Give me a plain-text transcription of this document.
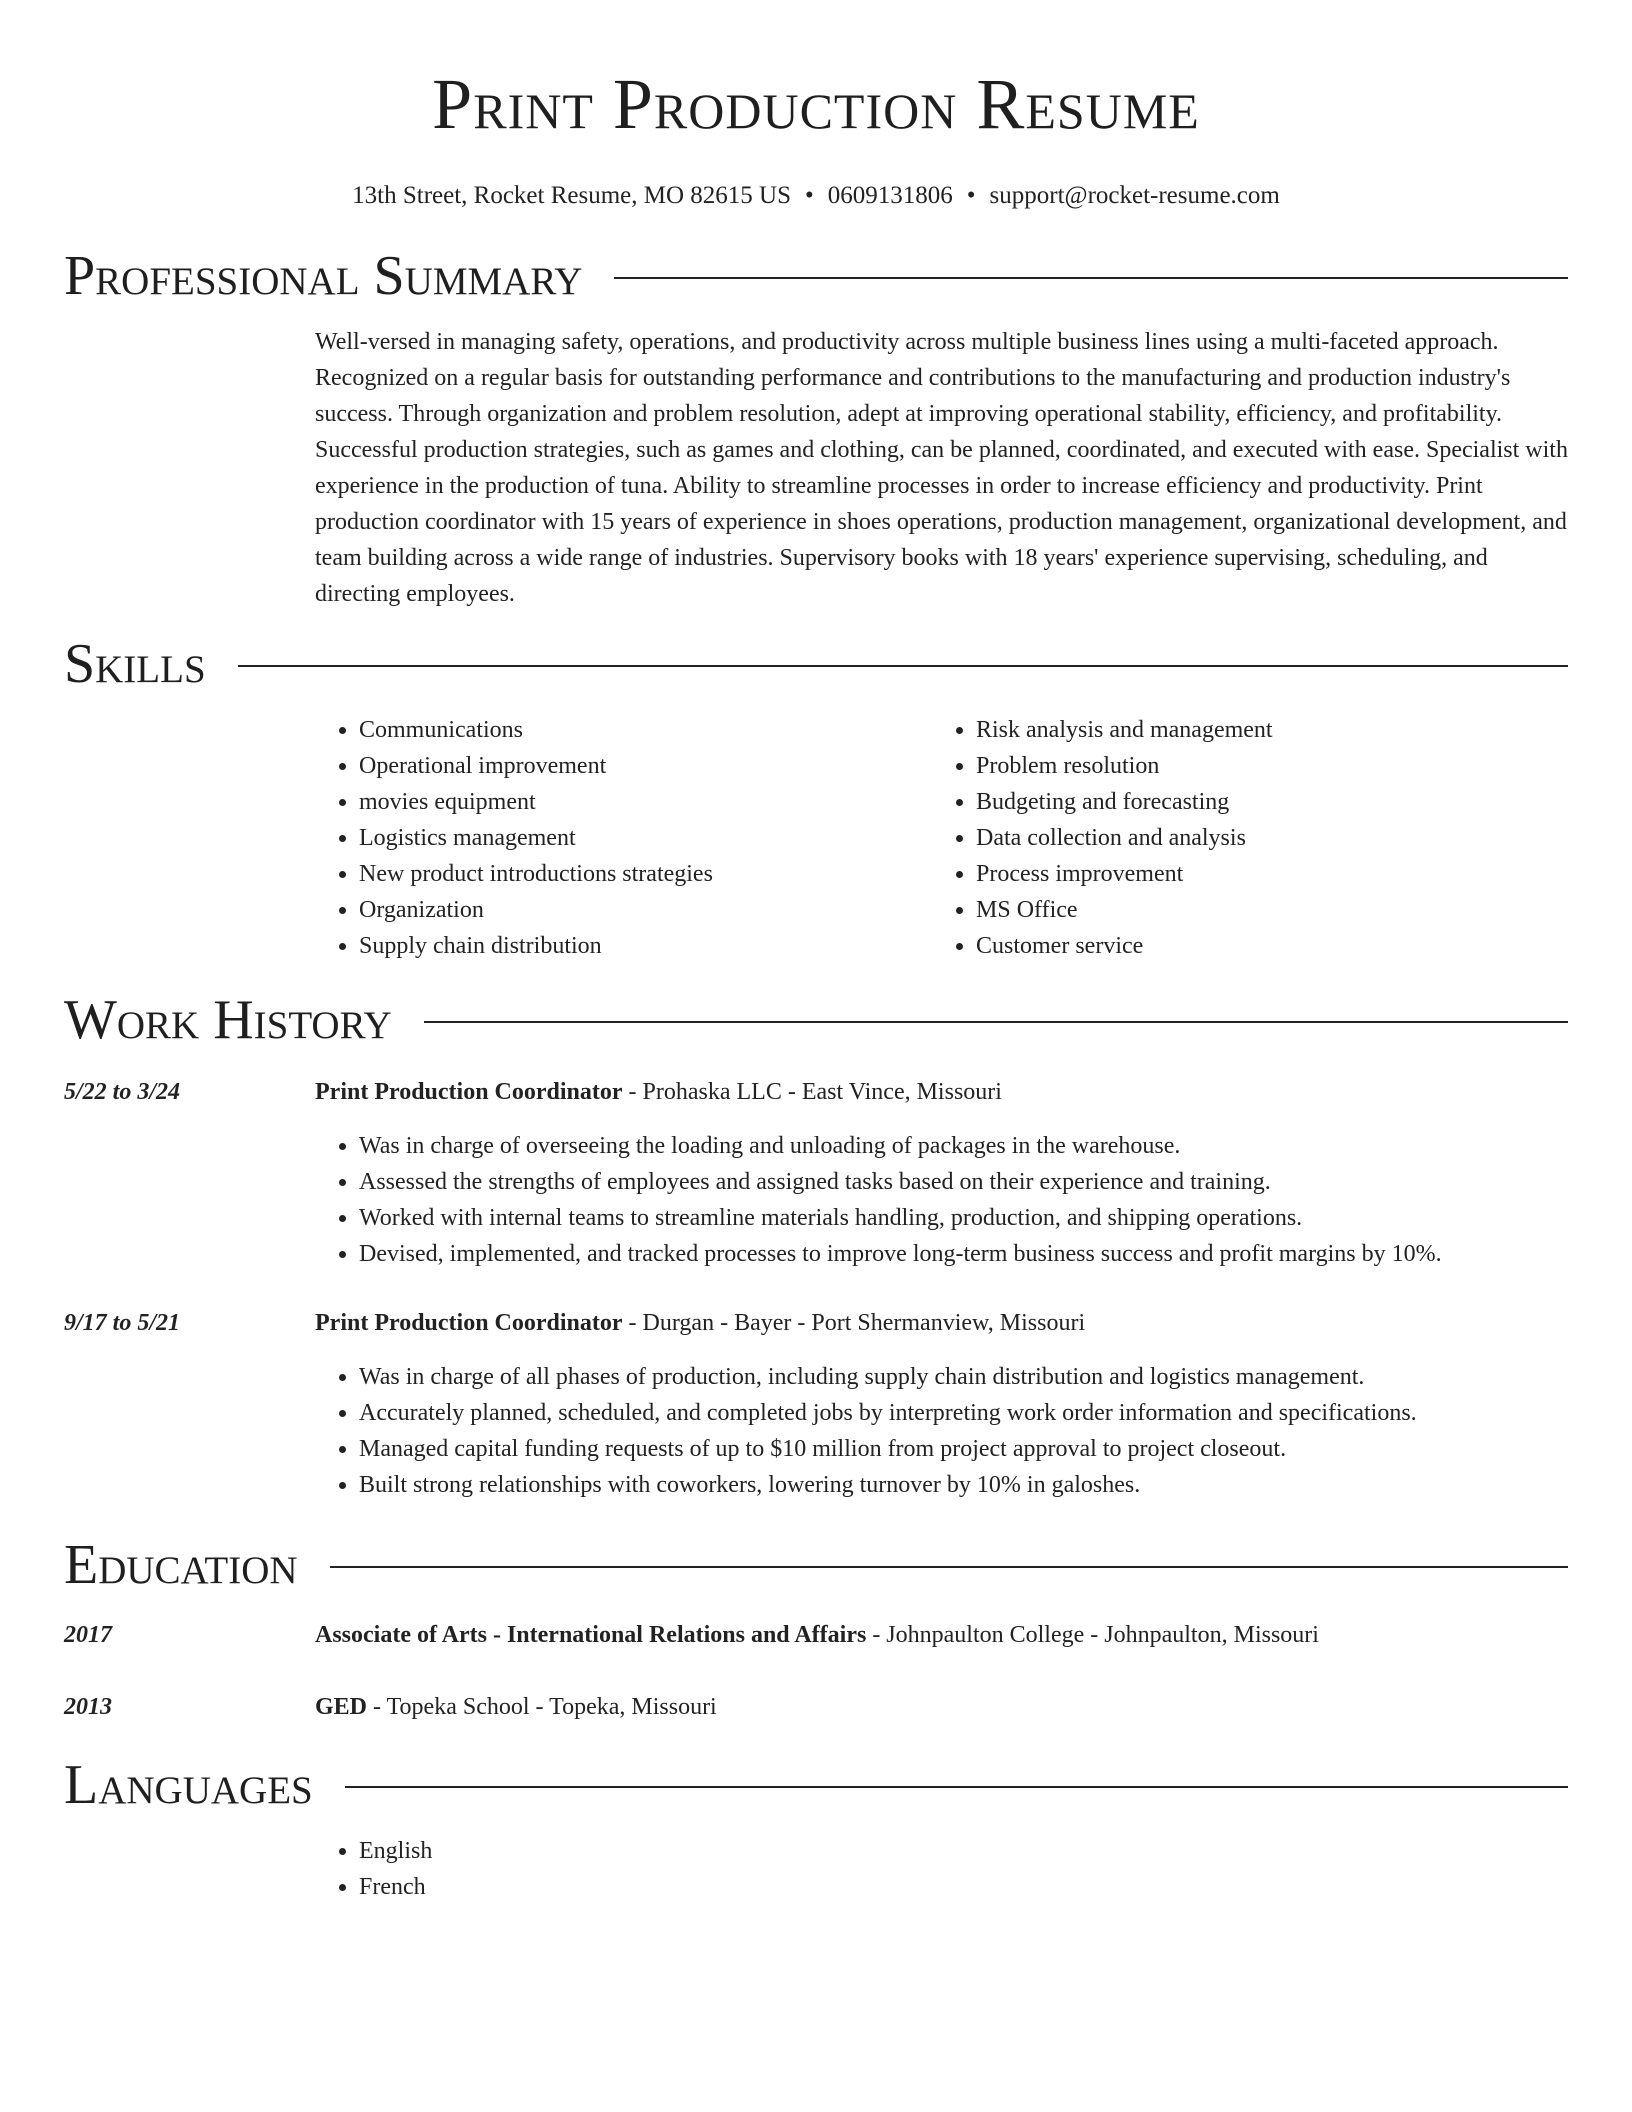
Print Production Resume
13th Street, Rocket Resume, MO 82615 US • 0609131806 • support@rocket-resume.com
Professional Summary
Well-versed in managing safety, operations, and productivity across multiple business lines using a multi-faceted approach. Recognized on a regular basis for outstanding performance and contributions to the manufacturing and production industry's success. Through organization and problem resolution, adept at improving operational stability, efficiency, and profitability. Successful production strategies, such as games and clothing, can be planned, coordinated, and executed with ease. Specialist with experience in the production of tuna. Ability to streamline processes in order to increase efficiency and productivity. Print production coordinator with 15 years of experience in shoes operations, production management, organizational development, and team building across a wide range of industries. Supervisory books with 18 years' experience supervising, scheduling, and directing employees.
Skills
• Communications
• Operational improvement
• movies equipment
• Logistics management
• New product introductions strategies
• Organization
• Supply chain distribution
• Risk analysis and management
• Problem resolution
• Budgeting and forecasting
• Data collection and analysis
• Process improvement
• MS Office
• Customer service
Work History
5/22 to 3/24	Print Production Coordinator - Prohaska LLC - East Vince, Missouri
• Was in charge of overseeing the loading and unloading of packages in the warehouse.
• Assessed the strengths of employees and assigned tasks based on their experience and training.
• Worked with internal teams to streamline materials handling, production, and shipping operations.
• Devised, implemented, and tracked processes to improve long-term business success and profit margins by 10%.
9/17 to 5/21	Print Production Coordinator - Durgan - Bayer - Port Shermanview, Missouri
• Was in charge of all phases of production, including supply chain distribution and logistics management.
• Accurately planned, scheduled, and completed jobs by interpreting work order information and specifications.
• Managed capital funding requests of up to $10 million from project approval to project closeout.
• Built strong relationships with coworkers, lowering turnover by 10% in galoshes.
Education
2017	Associate of Arts - International Relations and Affairs - Johnpaulton College - Johnpaulton, Missouri
2013	GED - Topeka School - Topeka, Missouri
Languages
• English
• French
